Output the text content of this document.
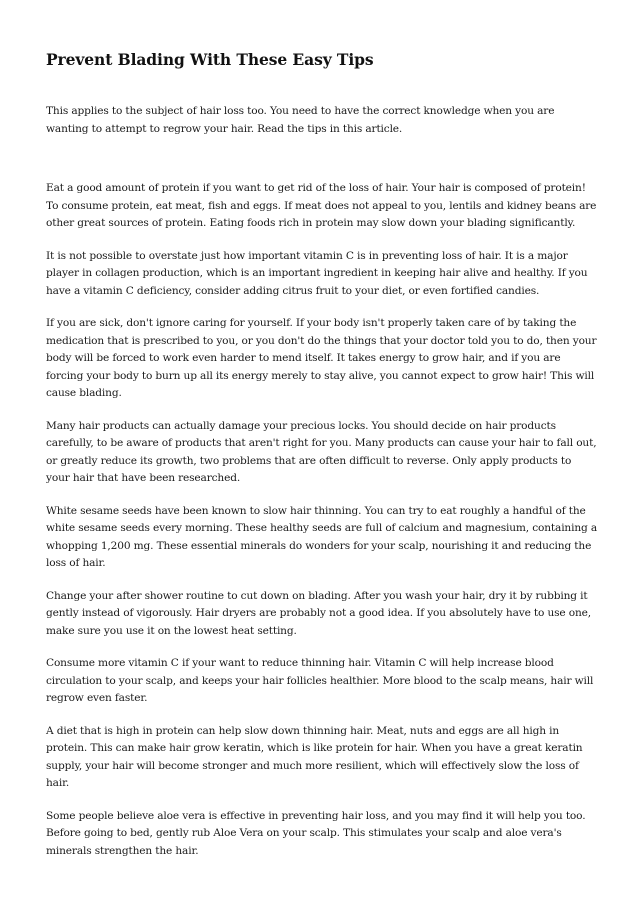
Prevent Blading With These Easy Tips

This applies to the subject of hair loss too. You need to have the correct knowledge when you are wanting to attempt to regrow your hair. Read the tips in this article.

Eat a good amount of protein if you want to get rid of the loss of hair. Your hair is composed of protein! To consume protein, eat meat, fish and eggs. If meat does not appeal to you, lentils and kidney beans are other great sources of protein. Eating foods rich in protein may slow down your blading significantly.

It is not possible to overstate just how important vitamin C is in preventing loss of hair. It is a major player in collagen production, which is an important ingredient in keeping hair alive and healthy. If you have a vitamin C deficiency, consider adding citrus fruit to your diet, or even fortified candies.

If you are sick, don't ignore caring for yourself. If your body isn't properly taken care of by taking the medication that is prescribed to you, or you don't do the things that your doctor told you to do, then your body will be forced to work even harder to mend itself. It takes energy to grow hair, and if you are forcing your body to burn up all its energy merely to stay alive, you cannot expect to grow hair! This will cause blading.

Many hair products can actually damage your precious locks. You should decide on hair products carefully, to be aware of products that aren't right for you. Many products can cause your hair to fall out, or greatly reduce its growth, two problems that are often difficult to reverse. Only apply products to your hair that have been researched.

White sesame seeds have been known to slow hair thinning. You can try to eat roughly a handful of the white sesame seeds every morning. These healthy seeds are full of calcium and magnesium, containing a whopping 1,200 mg. These essential minerals do wonders for your scalp, nourishing it and reducing the loss of hair.

Change your after shower routine to cut down on blading. After you wash your hair, dry it by rubbing it gently instead of vigorously. Hair dryers are probably not a good idea. If you absolutely have to use one, make sure you use it on the lowest heat setting.

Consume more vitamin C if your want to reduce thinning hair. Vitamin C will help increase blood circulation to your scalp, and keeps your hair follicles healthier. More blood to the scalp means, hair will regrow even faster.

A diet that is high in protein can help slow down thinning hair. Meat, nuts and eggs are all high in protein. This can make hair grow keratin, which is like protein for hair. When you have a great keratin supply, your hair will become stronger and much more resilient, which will effectively slow the loss of hair.

Some people believe aloe vera is effective in preventing hair loss, and you may find it will help you too. Before going to bed, gently rub Aloe Vera on your scalp. This stimulates your scalp and aloe vera's minerals strengthen the hair.
